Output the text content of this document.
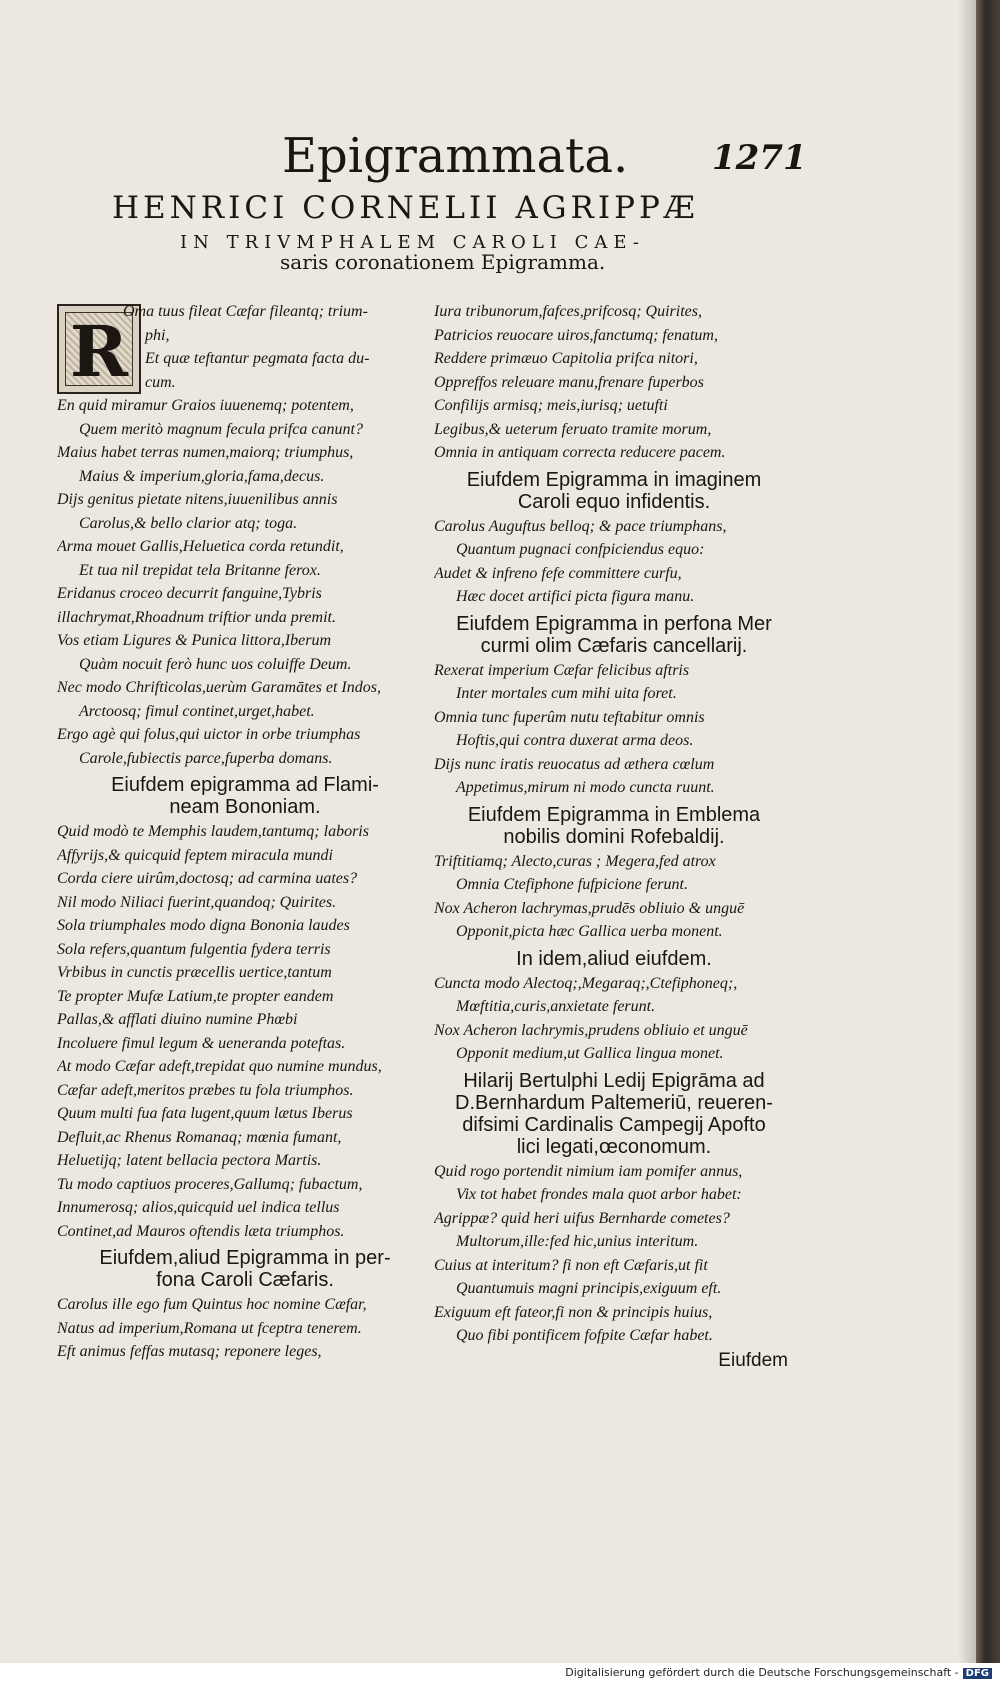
Epigrammata. 1271
HENRICI CORNELII AGRIPPÆ
IN TRIVMPHALEM CAROLI CAE-
saris coronationem Epigramma.
R
Oma tuus fileat Cæfar fileantq; trium-
phi,
Et quæ teftantur pegmata facta du-
cum.
En quid miramur Graios iuuenemq; potentem,
Quem meritò magnum fecula prifca canunt?
Maius habet terras numen,maiorq; triumphus,
Maius & imperium,gloria,fama,decus.
Dijs genitus pietate nitens,iuuenilibus annis
Carolus,& bello clarior atq; toga.
Arma mouet Gallis,Heluetica corda retundit,
Et tua nil trepidat tela Britanne ferox.
Eridanus croceo decurrit fanguine,Tybris
illachrymat,Rhoadnum triftior unda premit.
Vos etiam Ligures & Punica littora,Iberum
Quàm nocuit ferò hunc uos coluiffe Deum.
Nec modo Chrifticolas,uerùm Garamātes et Indos,
Arctoosq; fimul continet,urget,habet.
Ergo agè qui folus,qui uictor in orbe triumphas
Carole,fubiectis parce,fuperba domans.
Eiufdem epigramma ad Flami-
neam Bononiam.
Quid modò te Memphis laudem,tantumq; laboris
Affyrijs,& quicquid feptem miracula mundi
Corda ciere uirûm,doctosq; ad carmina uates?
Nil modo Niliaci fuerint,quandoq; Quirites.
Sola triumphales modo digna Bononia laudes
Sola refers,quantum fulgentia fydera terris
Vrbibus in cunctis præcellis uertice,tantum
Te propter Mufæ Latium,te propter eandem
Pallas,& afflati diuino numine Phœbi
Incoluere fimul legum & ueneranda poteftas.
At modo Cæfar adeft,trepidat quo numine mundus,
Cæfar adeft,meritos præbes tu fola triumphos.
Quum multi fua fata lugent,quum lætus Iberus
Defluit,ac Rhenus Romanaq; mœnia fumant,
Heluetijq; latent bellacia pectora Martis.
Tu modo captiuos proceres,Gallumq; fubactum,
Innumerosq; alios,quicquid uel indica tellus
Continet,ad Mauros oftendis læta triumphos.
Eiufdem,aliud Epigramma in per-
fona Caroli Cæfaris.
Carolus ille ego fum Quintus hoc nomine Cæfar,
Natus ad imperium,Romana ut fceptra tenerem.
Eft animus feffas mutasq; reponere leges,
Iura tribunorum,fafces,prifcosq; Quirites,
Patricios reuocare uiros,fanctumq; fenatum,
Reddere primæuo Capitolia prifca nitori,
Oppreffos releuare manu,frenare fuperbos
Confilijs armisq; meis,iurisq; uetufti
Legibus,& ueterum feruato tramite morum,
Omnia in antiquam correcta reducere pacem.
Eiufdem Epigramma in imaginem
Caroli equo infidentis.
Carolus Auguftus belloq; & pace triumphans,
Quantum pugnaci confpiciendus equo:
Audet & infreno fefe committere curfu,
Hæc docet artifici picta figura manu.
Eiufdem Epigramma in perfona Mer
curmi olim Cæfaris cancellarij.
Rexerat imperium Cæfar felicibus aftris
Inter mortales cum mihi uita foret.
Omnia tunc fuperûm nutu teftabitur omnis
Hoftis,qui contra duxerat arma deos.
Dijs nunc iratis reuocatus ad æthera cœlum
Appetimus,mirum ni modo cuncta ruunt.
Eiufdem Epigramma in Emblema
nobilis domini Rofebaldij.
Triftitiamq; Alecto,curas ; Megera,fed atrox
Omnia Ctefiphone fufpicione ferunt.
Nox Acheron lachrymas,prudēs obliuio & unguē
Opponit,picta hæc Gallica uerba monent.
In idem,aliud eiufdem.
Cuncta modo Alectoq;,Megaraq;,Ctefiphoneq;,
Mœftitia,curis,anxietate ferunt.
Nox Acheron lachrymis,prudens obliuio et unguē
Opponit medium,ut Gallica lingua monet.
Hilarij Bertulphi Ledij Epigrāma ad
D.Bernhardum Paltemeriū, reueren-
difsimi Cardinalis Campegij Apofto
lici legati,œconomum.
Quid rogo portendit nimium iam pomifer annus,
Vix tot habet frondes mala quot arbor habet:
Agrippæ? quid heri uifus Bernharde cometes?
Multorum,ille:fed hic,unius interitum.
Cuius at interitum? fi non eft Cæfaris,ut fit
Quantumuis magni principis,exiguum eft.
Exiguum eft fateor,fi non & principis huius,
Quo fibi pontificem fofpite Cæfar habet.
Eiufdem
Digitalisierung gefördert durch die Deutsche Forschungsgemeinschaft - DFG
